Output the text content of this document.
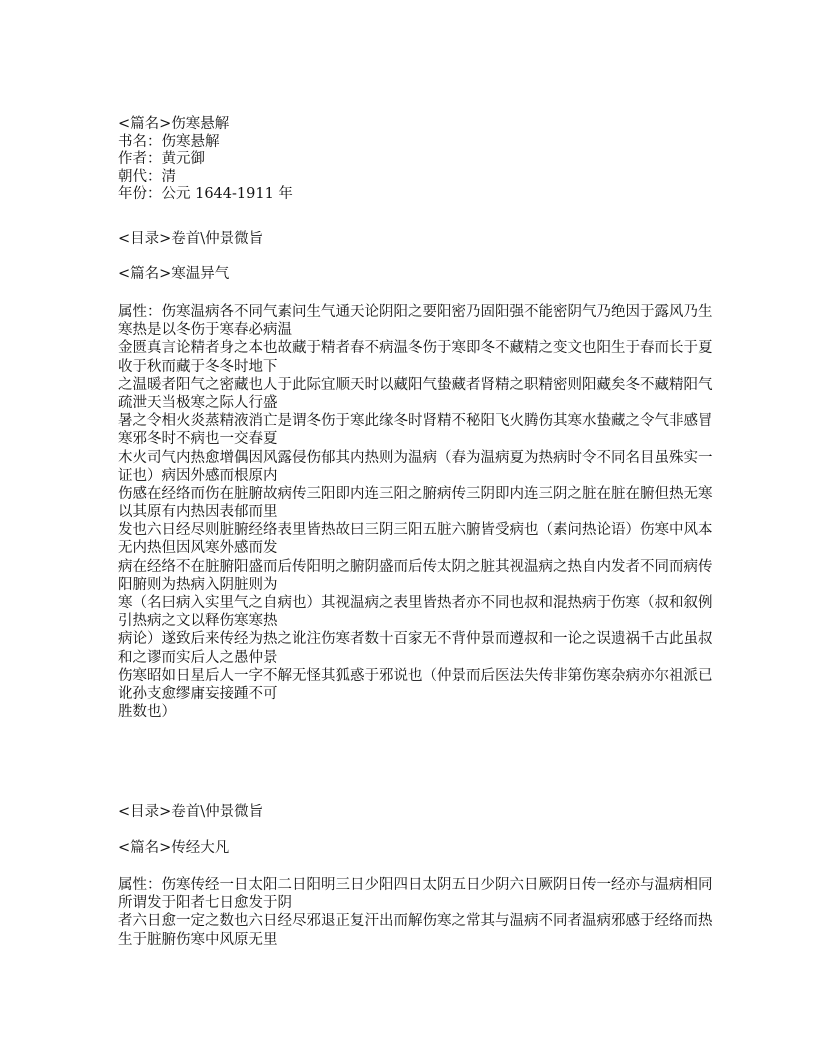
<篇名>伤寒悬解
书名：伤寒悬解
作者：黄元御
朝代：清
年份：公元 1644-1911 年
<目录>卷首\仲景微旨
<篇名>寒温异气
属性：伤寒温病各不同气素问生气通天论阴阳之要阳密乃固阳强不能密阴气乃绝因于露风乃生
寒热是以冬伤于寒春必病温
金匮真言论精者身之本也故藏于精者春不病温冬伤于寒即冬不藏精之变文也阳生于春而长于夏
收于秋而藏于冬冬时地下
之温暖者阳气之密藏也人于此际宜顺天时以藏阳气蛰藏者肾精之职精密则阳藏矣冬不藏精阳气
疏泄天当极寒之际人行盛
暑之令相火炎蒸精液消亡是谓冬伤于寒此缘冬时肾精不秘阳飞火腾伤其寒水蛰藏之令气非感冒
寒邪冬时不病也一交春夏
木火司气内热愈增偶因风露侵伤郁其内热则为温病（春为温病夏为热病时令不同名目虽殊实一
证也）病因外感而根原内
伤感在经络而伤在脏腑故病传三阳即内连三阳之腑病传三阴即内连三阴之脏在脏在腑但热无寒
以其原有内热因表郁而里
发也六日经尽则脏腑经络表里皆热故曰三阴三阳五脏六腑皆受病也（素问热论语）伤寒中风本
无内热但因风寒外感而发
病在经络不在脏腑阳盛而后传阳明之腑阴盛而后传太阴之脏其视温病之热自内发者不同而病传
阳腑则为热病入阴脏则为
寒（名曰病入实里气之自病也）其视温病之表里皆热者亦不同也叔和混热病于伤寒（叔和叙例
引热病之文以释伤寒寒热
病论）遂致后来传经为热之讹注伤寒者数十百家无不背仲景而遵叔和一论之误遗祸千古此虽叔
和之谬而实后人之愚仲景
伤寒昭如日星后人一字不解无怪其狐惑于邪说也（仲景而后医法失传非第伤寒杂病亦尔祖派已
讹孙支愈缪庸妄接踵不可
胜数也）
<目录>卷首\仲景微旨
<篇名>传经大凡
属性：伤寒传经一日太阳二日阳明三日少阳四日太阴五日少阴六日厥阴日传一经亦与温病相同
所谓发于阳者七日愈发于阴
者六日愈一定之数也六日经尽邪退正复汗出而解伤寒之常其与温病不同者温病邪感于经络而热
生于脏腑伤寒中风原无里
